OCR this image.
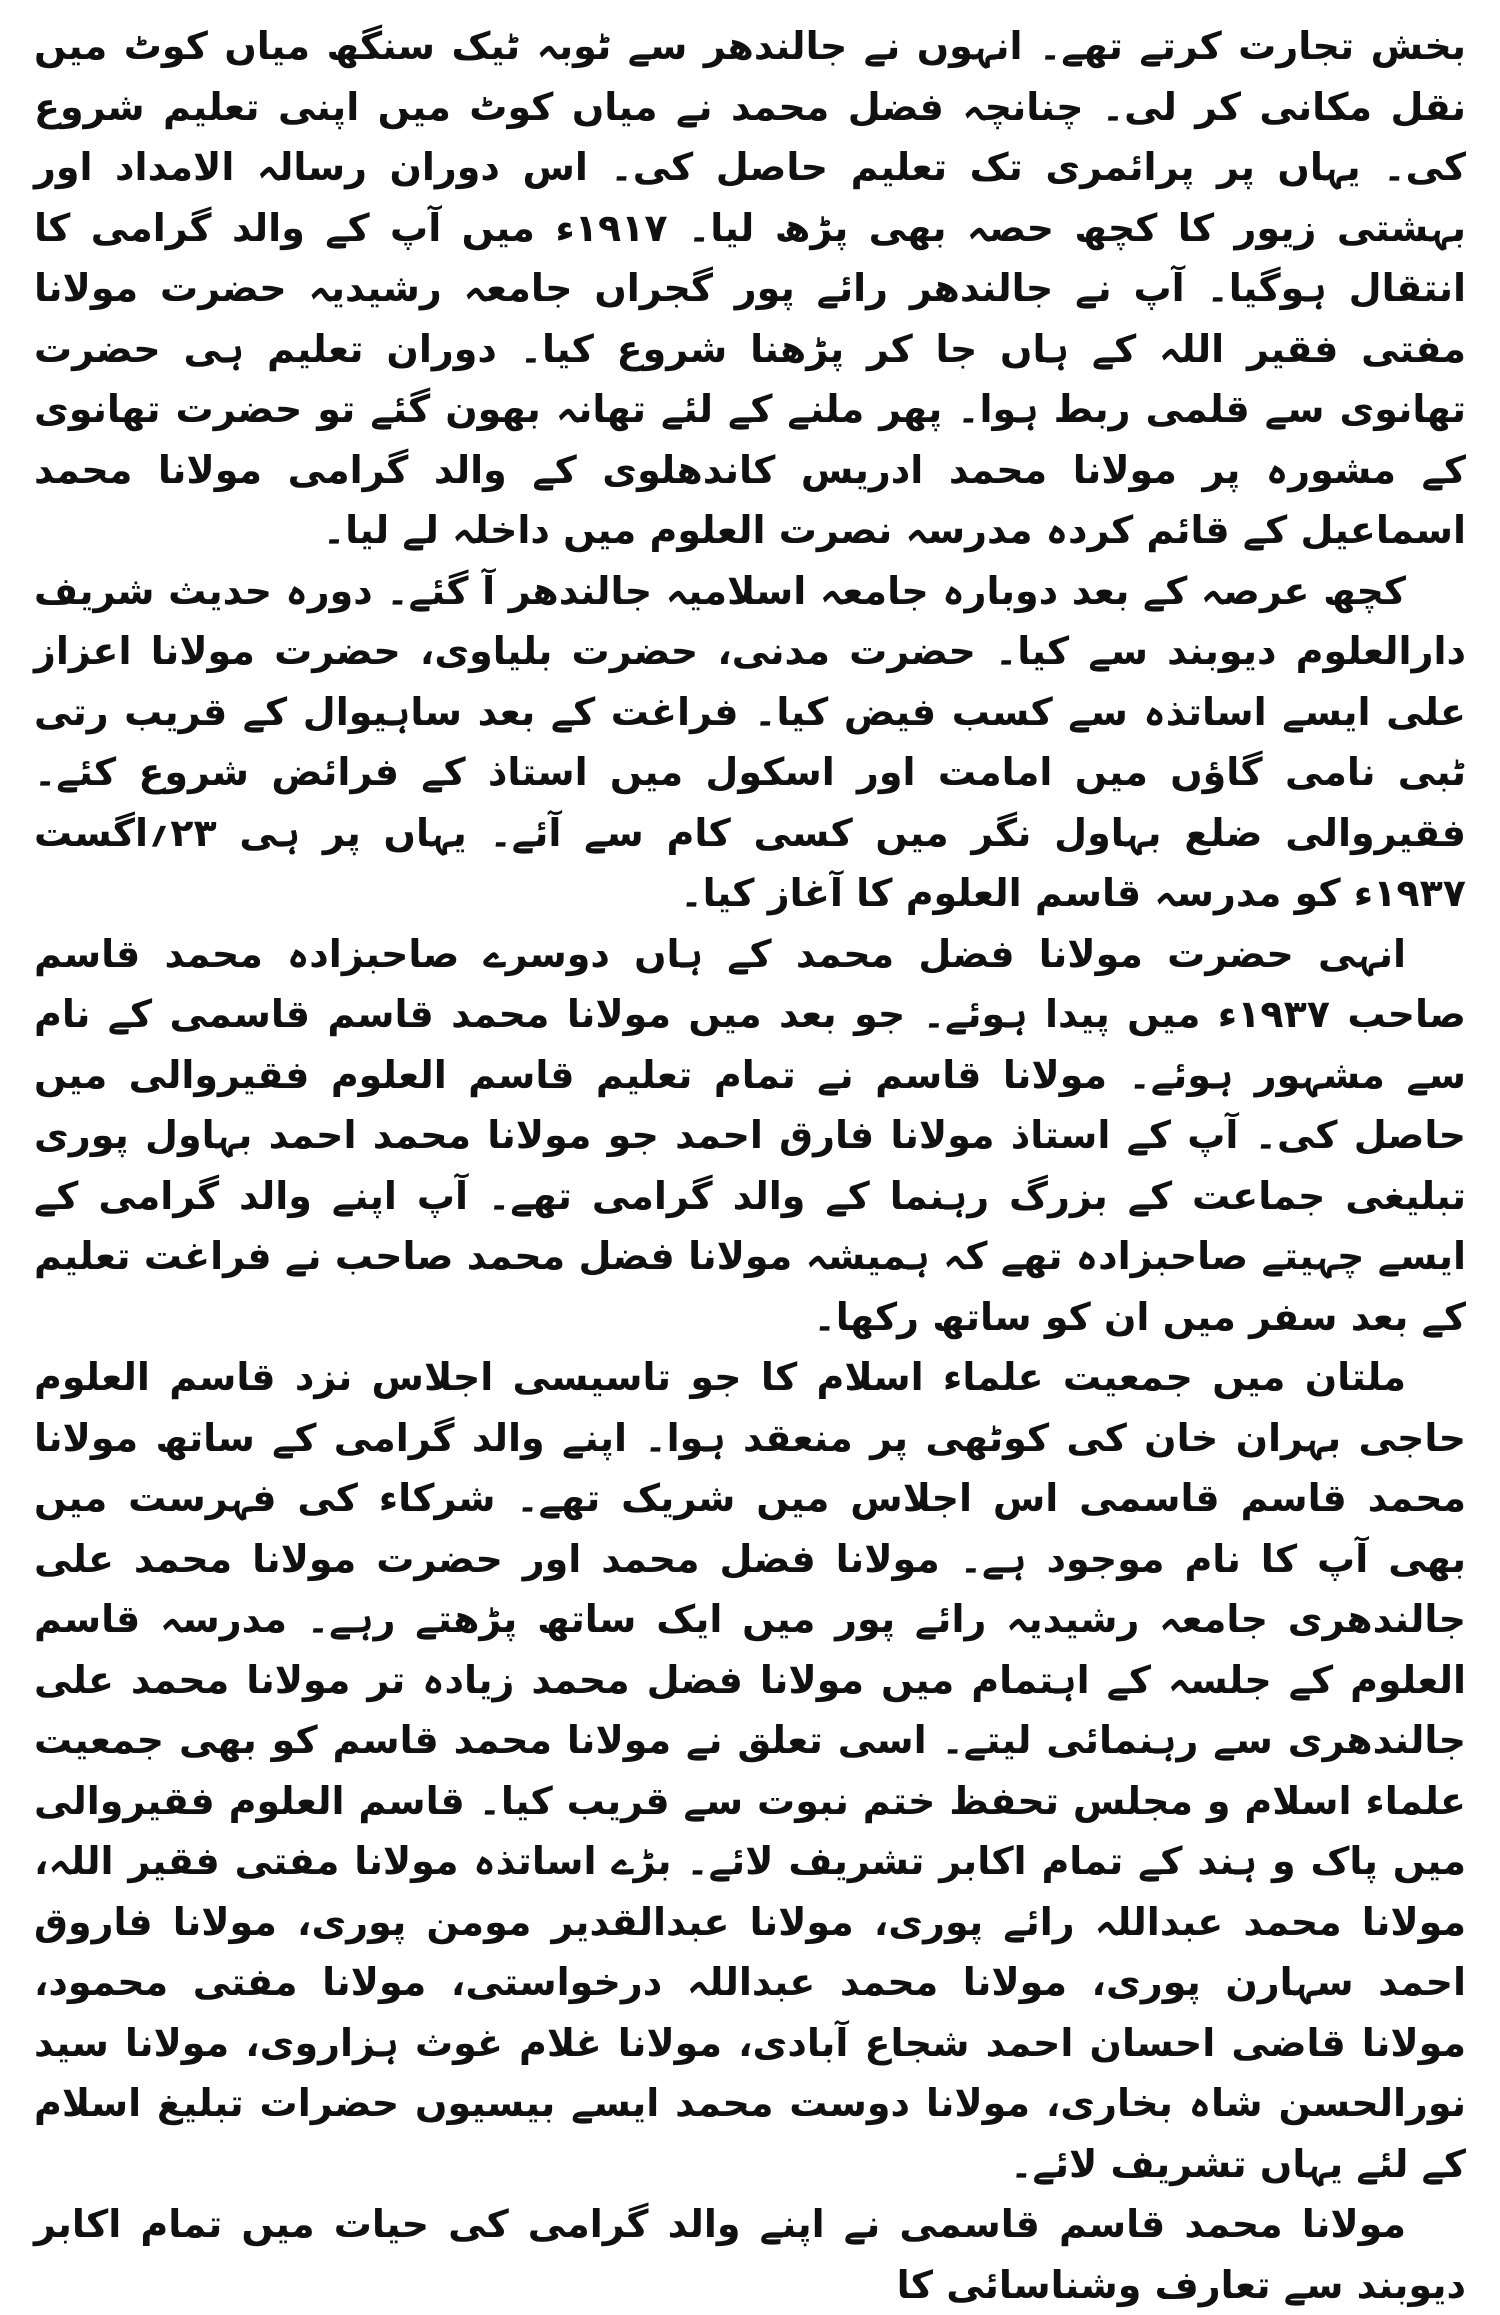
بخش تجارت کرتے تھے۔ انہوں نے جالندھر سے ٹوبہ ٹیک سنگھ میاں کوٹ میں نقل مکانی کر لی۔ چنانچہ فضل محمد نے میاں کوٹ میں اپنی تعلیم شروع کی۔ یہاں پر پرائمری تک تعلیم حاصل کی۔ اس دوران رسالہ الامداد اور بہشتی زیور کا کچھ حصہ بھی پڑھ لیا۔ ۱۹۱۷ء میں آپ کے والد گرامی کا انتقال ہوگیا۔ آپ نے جالندھر رائے پور گجراں جامعہ رشیدیہ حضرت مولانا مفتی فقیر اللہ کے ہاں جا کر پڑھنا شروع کیا۔ دوران تعلیم ہی حضرت تھانوی سے قلمی ربط ہوا۔ پھر ملنے کے لئے تھانہ بھون گئے تو حضرت تھانوی کے مشورہ پر مولانا محمد ادریس کاندھلوی کے والد گرامی مولانا محمد اسماعیل کے قائم کردہ مدرسہ نصرت العلوم میں داخلہ لے لیا۔

کچھ عرصہ کے بعد دوبارہ جامعہ اسلامیہ جالندھر آ گئے۔ دورہ حدیث شریف دارالعلوم دیوبند سے کیا۔ حضرت مدنی، حضرت بلیاوی، حضرت مولانا اعزاز علی ایسے اساتذہ سے کسب فیض کیا۔ فراغت کے بعد ساہیوال کے قریب رتی ٹبی نامی گاؤں میں امامت اور اسکول میں استاذ کے فرائض شروع کئے۔ فقیروالی ضلع بہاول نگر میں کسی کام سے آئے۔ یہاں پر ہی ۲۳؍اگست ۱۹۳۷ء کو مدرسہ قاسم العلوم کا آغاز کیا۔

انہی حضرت مولانا فضل محمد کے ہاں دوسرے صاحبزادہ محمد قاسم صاحب ۱۹۳۷ء میں پیدا ہوئے۔ جو بعد میں مولانا محمد قاسم قاسمی کے نام سے مشہور ہوئے۔ مولانا قاسم نے تمام تعلیم قاسم العلوم فقیروالی میں حاصل کی۔ آپ کے استاذ مولانا فارق احمد جو مولانا محمد احمد بہاول پوری تبلیغی جماعت کے بزرگ رہنما کے والد گرامی تھے۔ آپ اپنے والد گرامی کے ایسے چہیتے صاحبزادہ تھے کہ ہمیشہ مولانا فضل محمد صاحب نے فراغت تعلیم کے بعد سفر میں ان کو ساتھ رکھا۔

ملتان میں جمعیت علماء اسلام کا جو تاسیسی اجلاس نزد قاسم العلوم حاجی بہران خان کی کوٹھی پر منعقد ہوا۔ اپنے والد گرامی کے ساتھ مولانا محمد قاسم قاسمی اس اجلاس میں شریک تھے۔ شرکاء کی فہرست میں بھی آپ کا نام موجود ہے۔ مولانا فضل محمد اور حضرت مولانا محمد علی جالندھری جامعہ رشیدیہ رائے پور میں ایک ساتھ پڑھتے رہے۔ مدرسہ قاسم العلوم کے جلسہ کے اہتمام میں مولانا فضل محمد زیادہ تر مولانا محمد علی جالندھری سے رہنمائی لیتے۔ اسی تعلق نے مولانا محمد قاسم کو بھی جمعیت علماء اسلام و مجلس تحفظ ختم نبوت سے قریب کیا۔ قاسم العلوم فقیروالی میں پاک و ہند کے تمام اکابر تشریف لائے۔ بڑے اساتذہ مولانا مفتی فقیر اللہ، مولانا محمد عبداللہ رائے پوری، مولانا عبدالقدیر مومن پوری، مولانا فاروق احمد سہارن پوری، مولانا محمد عبداللہ درخواستی، مولانا مفتی محمود، مولانا قاضی احسان احمد شجاع آبادی، مولانا غلام غوث ہزاروی، مولانا سید نورالحسن شاہ بخاری، مولانا دوست محمد ایسے بیسیوں حضرات تبلیغ اسلام کے لئے یہاں تشریف لائے۔

مولانا محمد قاسم قاسمی نے اپنے والد گرامی کی حیات میں تمام اکابر دیوبند سے تعارف وشناسائی کا
